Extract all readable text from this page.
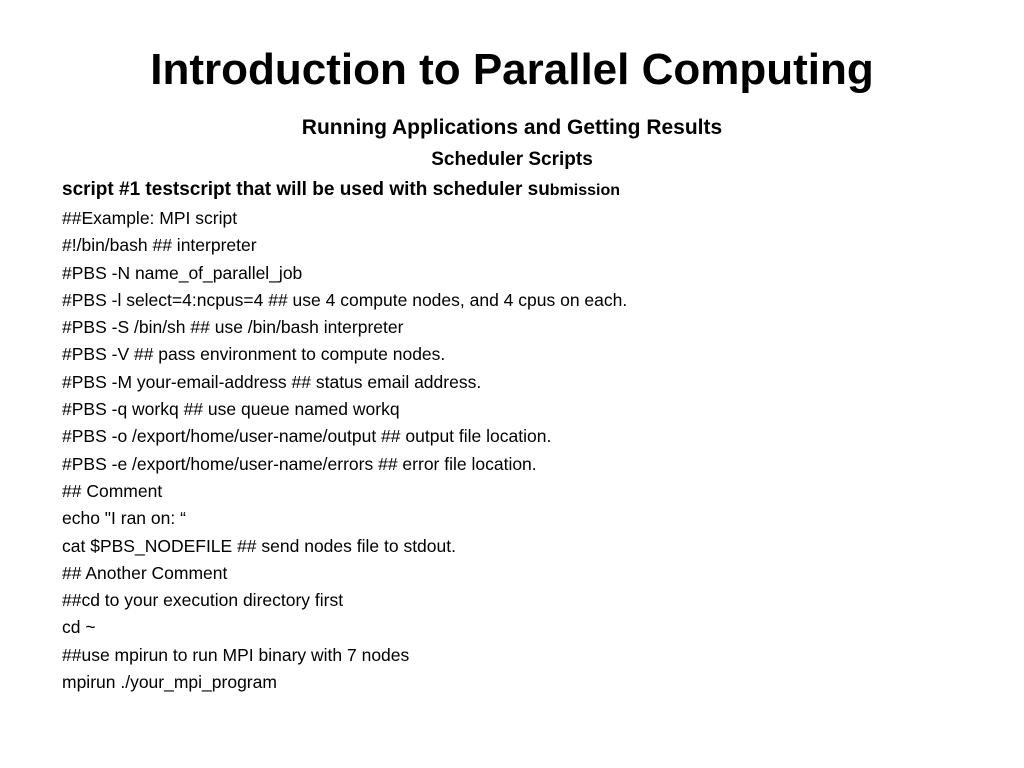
Introduction to Parallel Computing
Running Applications and Getting Results
Scheduler Scripts
script #1 testscript that will be used with scheduler submission
##Example: MPI script
#!/bin/bash ## interpreter
#PBS -N name_of_parallel_job
#PBS -l select=4:ncpus=4 ## use 4 compute nodes, and 4 cpus on each.
#PBS -S /bin/sh ## use /bin/bash interpreter
#PBS -V ## pass environment to compute nodes.
#PBS -M your-email-address ## status email address.
#PBS -q workq ## use queue named workq
#PBS -o /export/home/user-name/output ## output file location.
#PBS -e /export/home/user-name/errors ## error file location.
## Comment
echo "I ran on: “
cat $PBS_NODEFILE ## send nodes file to stdout.
## Another Comment
##cd to your execution directory first
cd ~
##use mpirun to run MPI binary with 7 nodes
mpirun ./your_mpi_program
